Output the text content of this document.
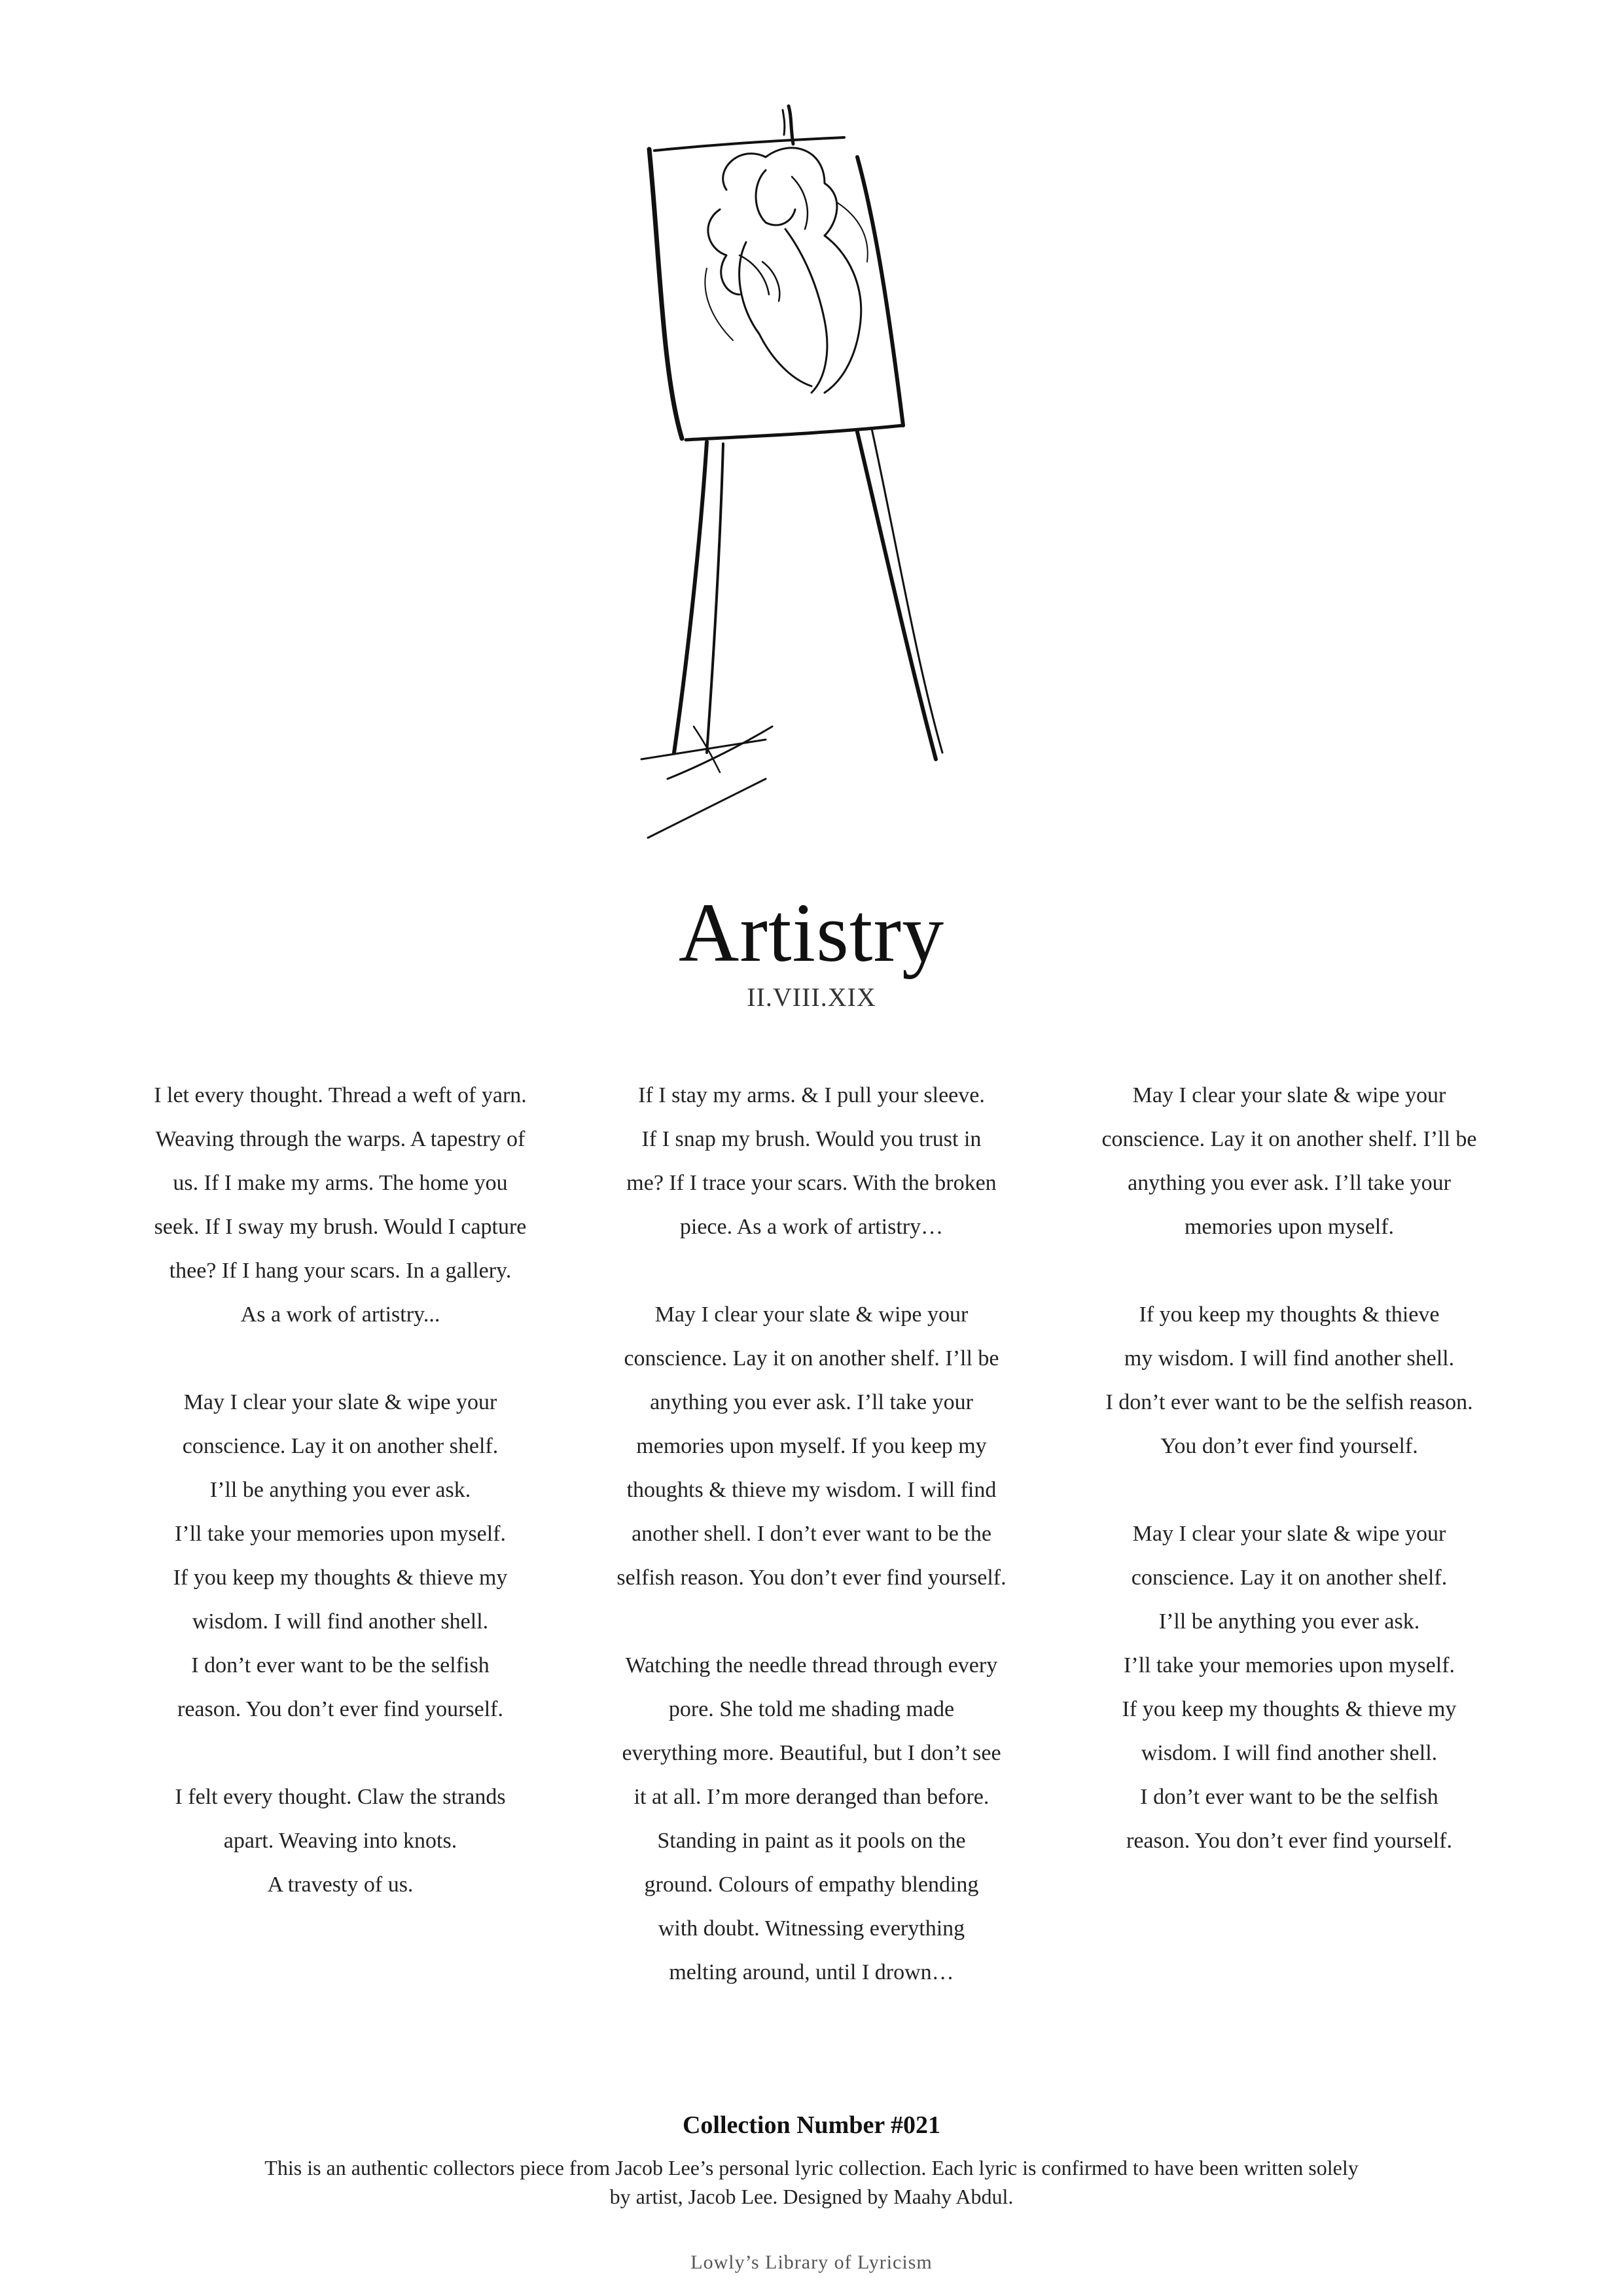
Artistry
II.VIII.XIX
I let every thought. Thread a weft of yarn.
Weaving through the warps. A tapestry of
us. If I make my arms. The home you
seek. If I sway my brush. Would I capture
thee? If I hang your scars. In a gallery.
As a work of artistry...
May I clear your slate & wipe your
conscience. Lay it on another shelf.
I’ll be anything you ever ask.
I’ll take your memories upon myself.
If you keep my thoughts & thieve my
wisdom. I will find another shell.
I don’t ever want to be the selfish
reason. You don’t ever find yourself.
I felt every thought. Claw the strands
apart. Weaving into knots.
A travesty of us.
If I stay my arms. & I pull your sleeve.
If I snap my brush. Would you trust in
me? If I trace your scars. With the broken
piece. As a work of artistry…
May I clear your slate & wipe your
conscience. Lay it on another shelf. I’ll be
anything you ever ask. I’ll take your
memories upon myself. If you keep my
thoughts & thieve my wisdom. I will find
another shell. I don’t ever want to be the
selfish reason. You don’t ever find yourself.
Watching the needle thread through every
pore. She told me shading made
everything more. Beautiful, but I don’t see
it at all. I’m more deranged than before.
Standing in paint as it pools on the
ground. Colours of empathy blending
with doubt. Witnessing everything
melting around, until I drown…
May I clear your slate & wipe your
conscience. Lay it on another shelf. I’ll be
anything you ever ask. I’ll take your
memories upon myself.
If you keep my thoughts & thieve
my wisdom. I will find another shell.
I don’t ever want to be the selfish reason.
You don’t ever find yourself.
May I clear your slate & wipe your
conscience. Lay it on another shelf.
I’ll be anything you ever ask.
I’ll take your memories upon myself.
If you keep my thoughts & thieve my
wisdom. I will find another shell.
I don’t ever want to be the selfish
reason. You don’t ever find yourself.
Collection Number #021
This is an authentic collectors piece from Jacob Lee’s personal lyric collection. Each lyric is confirmed to have been written solely
by artist, Jacob Lee. Designed by Maahy Abdul.
Lowly’s Library of Lyricism
